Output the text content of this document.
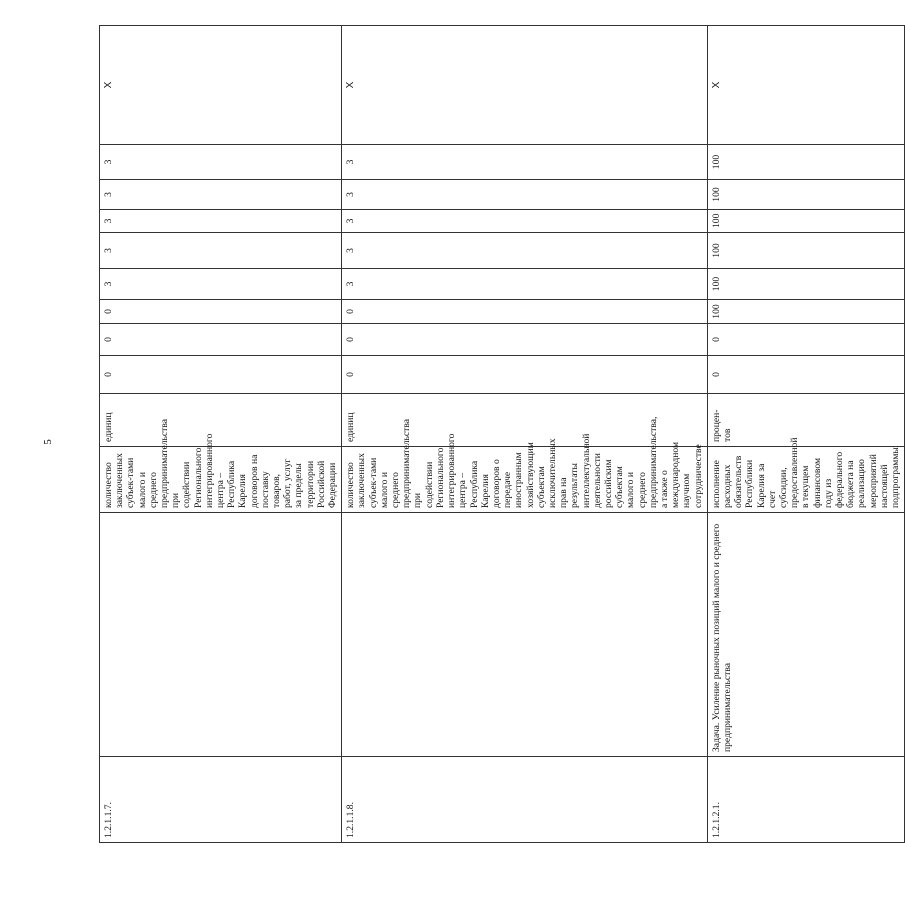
5
1.2.1.1.7.		количество заключенных субъек-тами малого и среднего предпринимательства при содействии Регионального интегрированного центра – Республика Карелия договоров на поставку товаров, работ, услуг за пределы территории Российской Федерации	единиц	0	0	0	3	3	3	3	3	Х
1.2.1.1.8.		количество заключенных субъек-тами малого и среднего предпринимательства при содействии Регионального интегрированного центра – Республика Карелия договоров о передаче иностранным хозяйствующим субъектам исключительных прав на результаты интеллектуальной деятельности российским субъектам малого и среднего предпринимательства, а также о международном научном сотрудничестве	единиц	0	0	0	3	3	3	3	3	Х
1.2.1.2.1.	Задача. Усиление рыночных позиций малого и среднего предпринимательства	исполнение расходных обязательств Республики Карелия за счет субсидии, предоставленной в текущем финансовом году из федерального бюджета на реализацию мероприятий настоящей подпрограммы	процен-тов	0	0	100	100	100	100	100	100	Х
